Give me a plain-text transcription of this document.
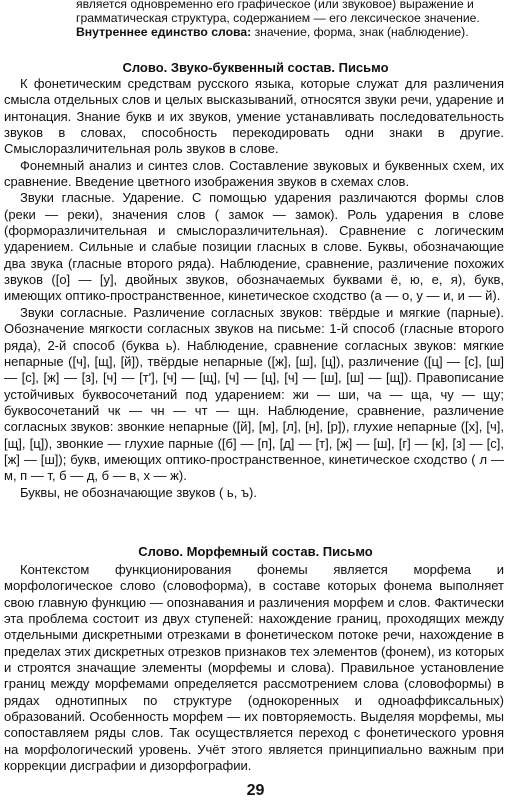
является одновременно его графическое (или звуковое) выражение и

грамматическая структура, содержанием — его лексическое значение.

Внутреннее единство слова: значение, форма, знак (наблюдение).

Слово. Звуко-буквенный состав. Письмо

К фонетическим средствам русского языка, которые служат для различения смысла отдельных слов и целых высказываний, относятся звуки речи, ударение и интонация. Знание букв и их звуков, умение устанавливать последовательность звуков в словах, способность перекодировать одни знаки в другие. Смыслоразличительная роль звуков в слове.

Фонемный анализ и синтез слов. Составление звуковых и буквенных схем, их сравнение. Введение цветного изображения звуков в схемах слов.

Звуки гласные. Ударение. С помощью ударения различаются формы слов (реки — реки), значения слов ( замок — замок). Роль ударения в слове (форморазличительная и смыслоразличительная). Сравнение с логическим ударением. Сильные и слабые позиции гласных в слове. Буквы, обозначающие два звука (гласные второго ряда). Наблюдение, сравнение, различение похожих звуков ([о] — [у], двойных звуков, обозначаемых буквами ё, ю, е, я), букв, имеющих оптико-пространственное, кинетическое сходство (а — о, у — и, и — й).

Звуки согласные. Различение согласных звуков: твёрдые и мягкие (парные). Обозначение мягкости согласных звуков на письме: 1-й способ (гласные второго ряда), 2-й способ (буква ь). Наблюдение, сравнение согласных звуков: мягкие непарные ([ч], [щ], [й]), твёрдые непарные ([ж], [ш], [ц]), различение ([ц] — [с], [ш] — [с], [ж] — [з], [ч] — [т'], [ч] — [щ], [ч] — [ц], [ч] — [ш], [ш] — [щ]). Правописание устойчивых буквосочетаний под ударением: жи — ши, ча — ща, чу — щу; буквосочетаний чк — чн — чт — щн. Наблюдение, сравнение, различение согласных звуков: звонкие непарные ([й], [м], [л], [н], [р]), глухие непарные ([х], [ч], [щ], [ц]), звонкие — глухие парные ([б] — [п], [д] — [т], [ж] — [ш], [г] — [к], [з] — [с], [ж] — [ш]); букв, имеющих оптико-пространственное, кинетическое сходство ( л — м, п — т, б — д, б — в, х — ж).

Буквы, не обозначающие звуков ( ь, ъ).

Слово. Морфемный состав. Письмо

Контекстом функционирования фонемы является морфема и морфологическое слово (словоформа), в составе которых фонема выполняет свою главную функцию — опознавания и различения морфем и слов. Фактически эта проблема состоит из двух ступеней: нахождение границ, проходящих между отдельными дискретными отрезками в фонетическом потоке речи, нахождение в пределах этих дискретных отрезков признаков тех элементов (фонем), из которых и строятся значащие элементы (морфемы и слова). Правильное установление границ между морфемами определяется рассмотрением слова (словоформы) в рядах однотипных по структуре (однокоренных и однoаффиксальных) образований. Особенность морфем — их повторяемость. Выделяя морфемы, мы сопоставляем ряды слов. Так осуществляется переход с фонетического уровня на морфологический уровень. Учёт этого является принципиально важным при коррекции дисграфии и дизорфографии.

29
